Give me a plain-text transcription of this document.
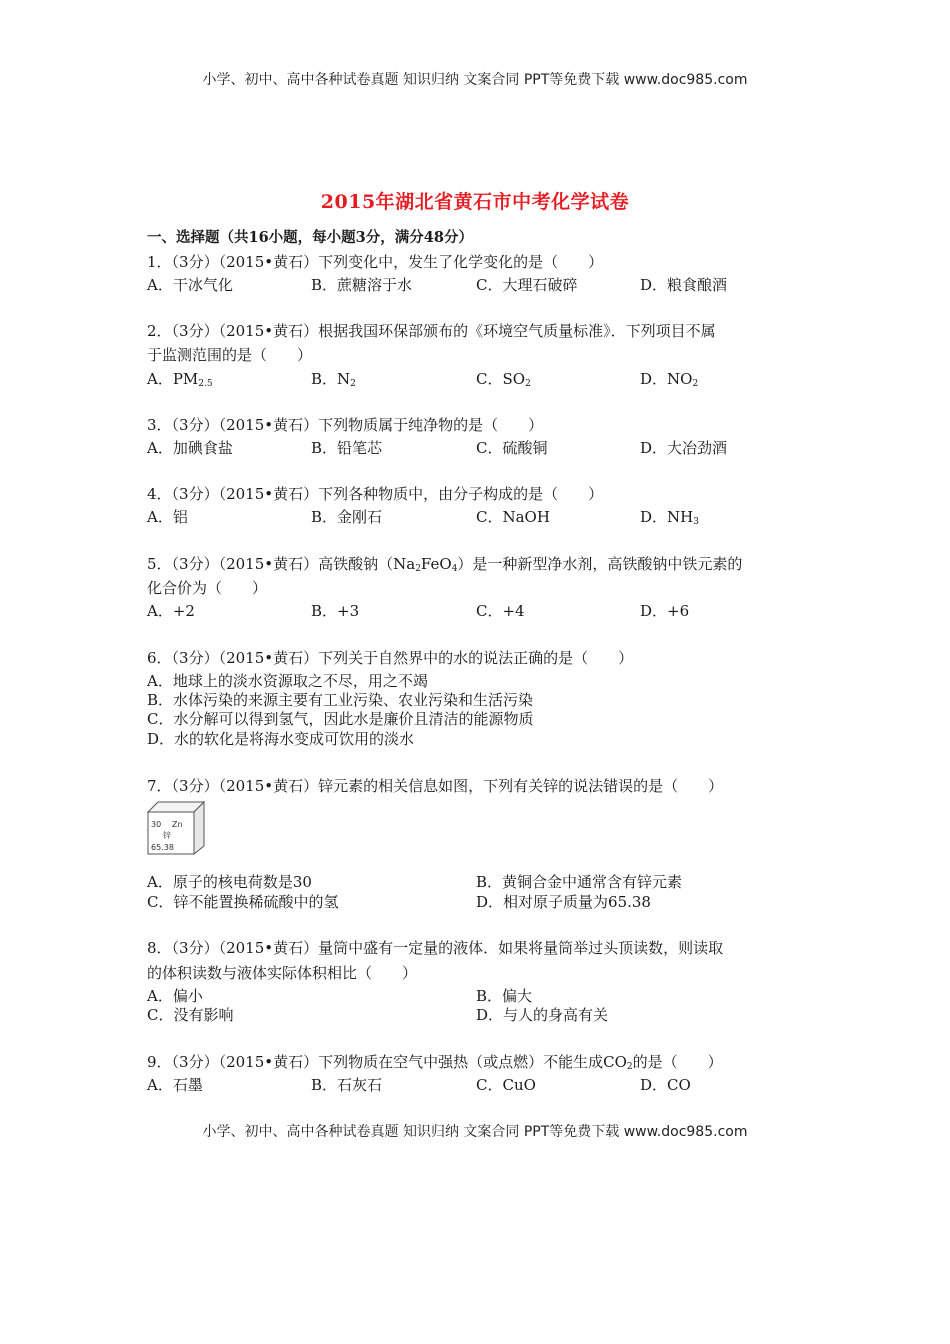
小学、初中、高中各种试卷真题 知识归纳 文案合同 PPT等免费下载 www.doc985.com
2015年湖北省黄石市中考化学试卷
一、选择题（共16小题，每小题3分，满分48分）
1．（3分）（2015•黄石）下列变化中，发生了化学变化的是（　　）
A．干冰气化	B．蔗糖溶于水	C．大理石破碎	D．粮食酿酒
2．（3分）（2015•黄石）根据我国环保部颁布的《环境空气质量标准》．下列项目不属
于监测范围的是（　　）
A．$PM_{2.5}$	B．$N_2$	C．$SO_2$	D．$NO_2$
3．（3分）（2015•黄石）下列物质属于纯净物的是（　　）
A．加碘食盐	B．铅笔芯	C．硫酸铜	D．大冶劲酒
4．（3分）（2015•黄石）下列各种物质中，由分子构成的是（　　）
A．铝	B．金刚石	C．NaOH	D．$NH_3$
5．（3分）（2015•黄石）高铁酸钠$(Na_2FeO_4)$是一种新型净水剂，高铁酸钠中铁元素的
化合价为（　　）
A．+2	B．+3	C．+4	D．+6
6．（3分）（2015•黄石）下列关于自然界中的水的说法正确的是（　　）
A．地球上的淡水资源取之不尽，用之不竭
B．水体污染的来源主要有工业污染、农业污染和生活污染
C．水分解可以得到氢气，因此水是廉价且清洁的能源物质
D．水的软化是将海水变成可饮用的淡水
7．（3分）（2015•黄石）锌元素的相关信息如图，下列有关锌的说法错误的是（　　）
30 Zn
锌
65.38
A．原子的核电荷数是30	B．黄铜合金中通常含有锌元素
C．锌不能置换稀硫酸中的氢	D．相对原子质量为65.38
8．（3分）（2015•黄石）量筒中盛有一定量的液体．如果将量筒举过头顶读数，则读取
的体积读数与液体实际体积相比（　　）
A．偏小	B．偏大
C．没有影响	D．与人的身高有关
9．（3分）（2015•黄石）下列物质在空气中强热（或点燃）不能生成$CO_2$的是（　　）
A．石墨	B．石灰石	C．CuO	D．CO
小学、初中、高中各种试卷真题 知识归纳 文案合同 PPT等免费下载 www.doc985.com
